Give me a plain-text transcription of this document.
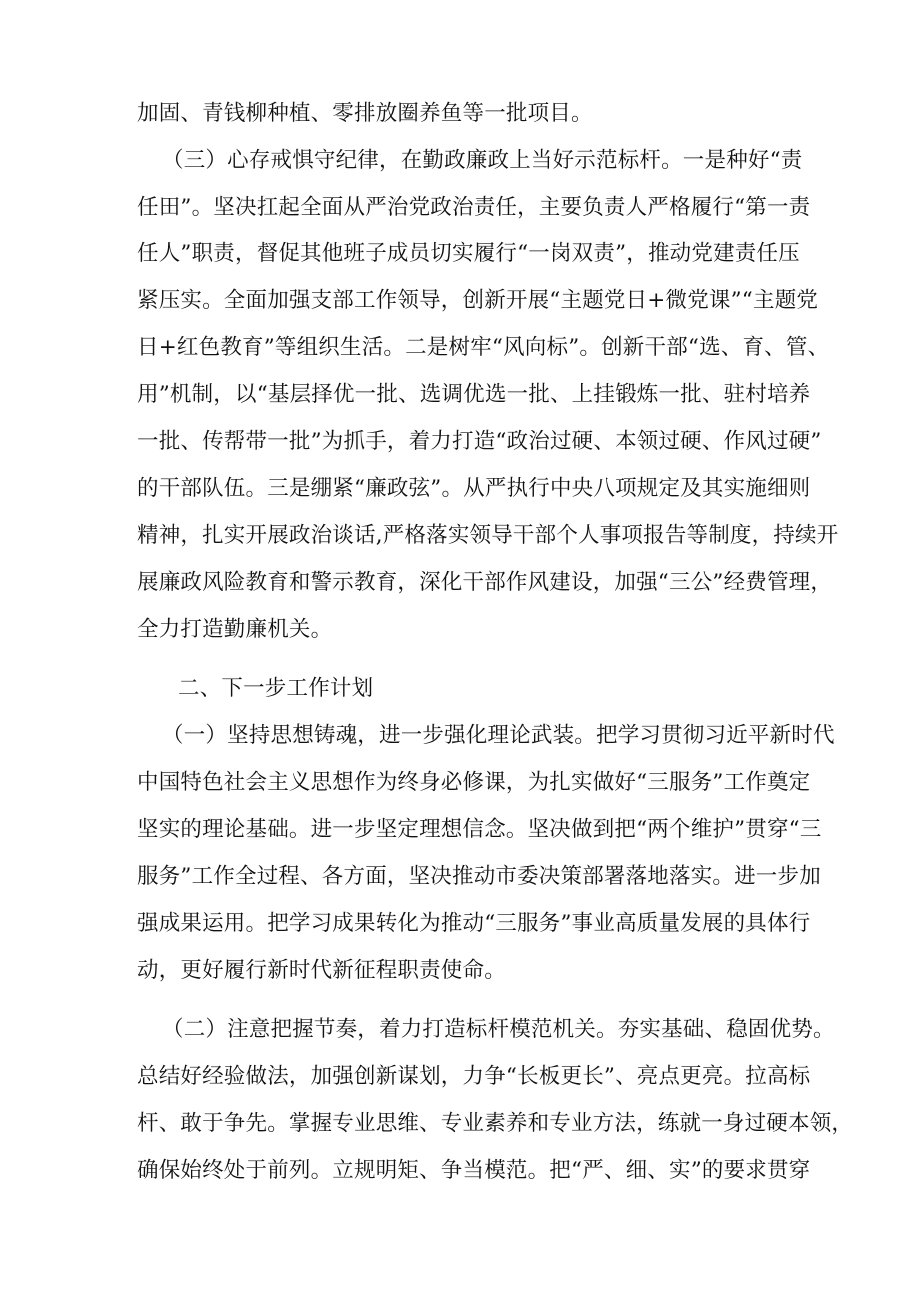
加固、青钱柳种植、零排放圈养鱼等一批项目。
（三）心存戒惧守纪律，在勤政廉政上当好示范标杆。一是种好“责
任田”。坚决扛起全面从严治党政治责任，主要负责人严格履行“第一责
任人”职责，督促其他班子成员切实履行“一岗双责”，推动党建责任压
紧压实。全面加强支部工作领导，创新开展“主题党日+微党课”“主题党
日+红色教育”等组织生活。二是树牢“风向标”。创新干部“选、育、管、
用”机制，以“基层择优一批、选调优选一批、上挂锻炼一批、驻村培养
一批、传帮带一批”为抓手，着力打造“政治过硬、本领过硬、作风过硬”
的干部队伍。三是绷紧“廉政弦”。从严执行中央八项规定及其实施细则
精神，扎实开展政治谈话,严格落实领导干部个人事项报告等制度，持续开
展廉政风险教育和警示教育，深化干部作风建设，加强“三公”经费管理，
全力打造勤廉机关。
二、下一步工作计划
（一）坚持思想铸魂，进一步强化理论武装。把学习贯彻习近平新时代
中国特色社会主义思想作为终身必修课，为扎实做好“三服务”工作奠定
坚实的理论基础。进一步坚定理想信念。坚决做到把“两个维护”贯穿“三
服务”工作全过程、各方面，坚决推动市委决策部署落地落实。进一步加
强成果运用。把学习成果转化为推动“三服务”事业高质量发展的具体行
动，更好履行新时代新征程职责使命。
（二）注意把握节奏，着力打造标杆模范机关。夯实基础、稳固优势。
总结好经验做法，加强创新谋划，力争“长板更长”、亮点更亮。拉高标
杆、敢于争先。掌握专业思维、专业素养和专业方法，练就一身过硬本领，
确保始终处于前列。立规明矩、争当模范。把“严、细、实”的要求贯穿
